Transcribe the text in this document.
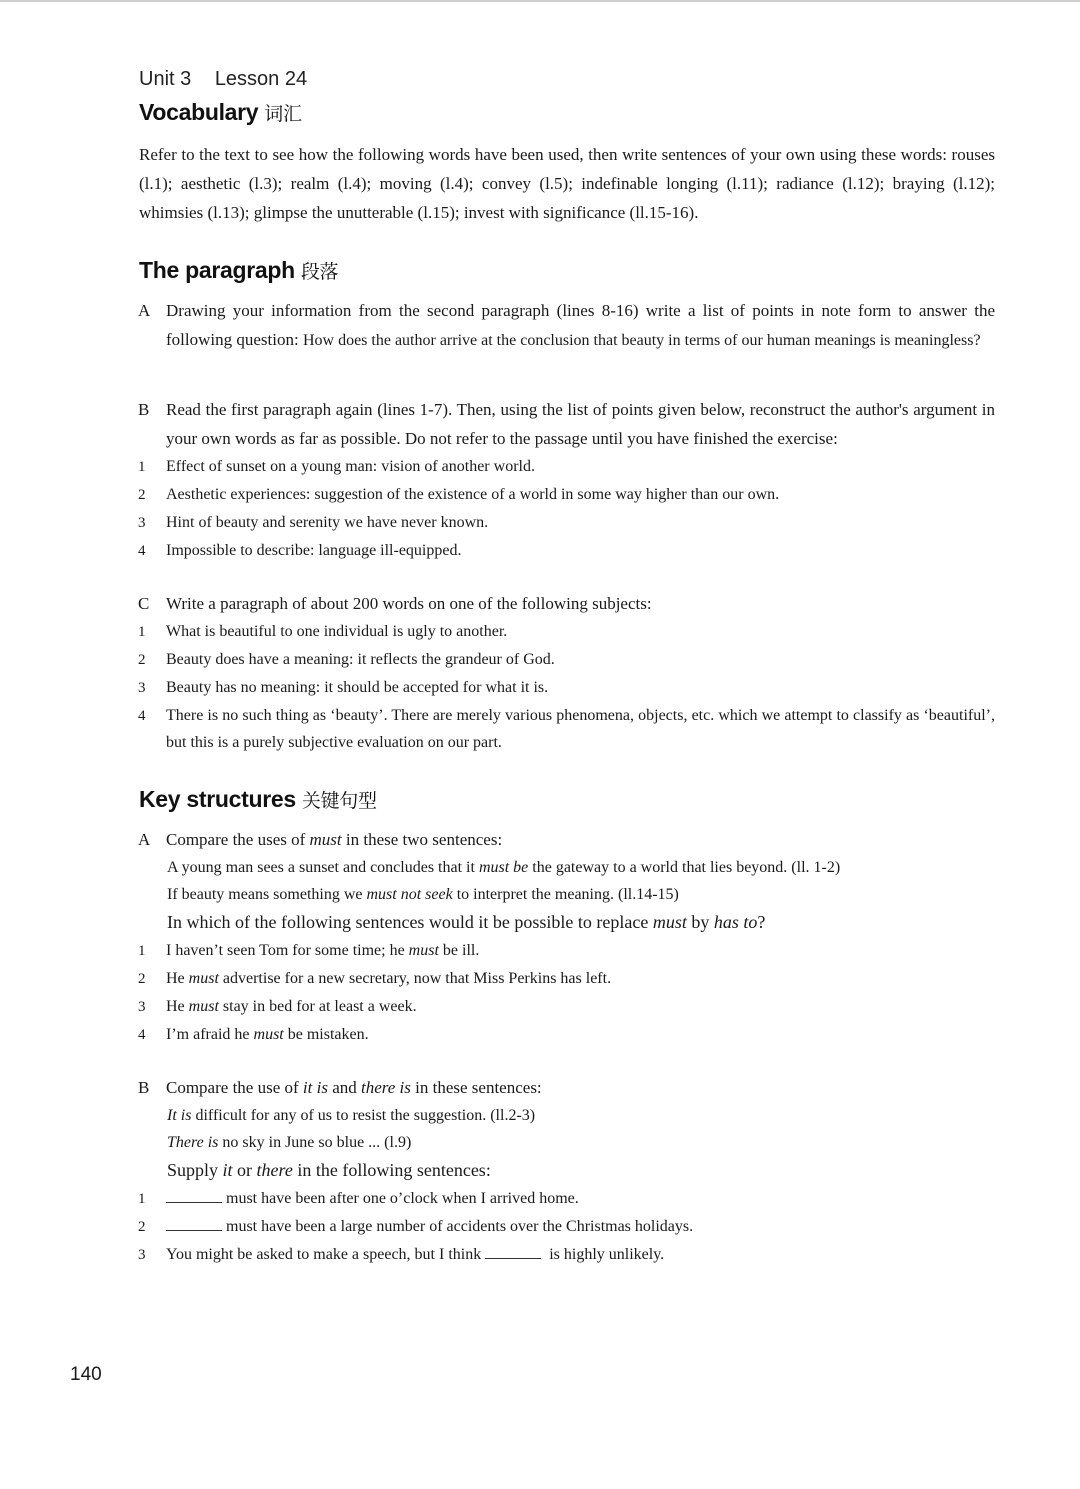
Unit 3 Lesson 24
Vocabulary 词汇
Refer to the text to see how the following words have been used, then write sentences of your own using these words: rouses (l.1); aesthetic (l.3); realm (l.4); moving (l.4); convey (l.5); indefinable longing (l.11); radiance (l.12); braying (l.12); whimsies (l.13); glimpse the unutterable (l.15); invest with significance (ll.15-16).
The paragraph 段落
A Drawing your information from the second paragraph (lines 8-16) write a list of points in note form to answer the following question: How does the author arrive at the conclusion that beauty in terms of our human meanings is meaningless?
B Read the first paragraph again (lines 1-7). Then, using the list of points given below, reconstruct the author's argument in your own words as far as possible. Do not refer to the passage until you have finished the exercise:
1	Effect of sunset on a young man: vision of another world.
2	Aesthetic experiences: suggestion of the existence of a world in some way higher than our own.
3	Hint of beauty and serenity we have never known.
4	Impossible to describe: language ill-equipped.
C Write a paragraph of about 200 words on one of the following subjects:
1	What is beautiful to one individual is ugly to another.
2	Beauty does have a meaning: it reflects the grandeur of God.
3	Beauty has no meaning: it should be accepted for what it is.
4	There is no such thing as ‘beauty’. There are merely various phenomena, objects, etc. which we attempt to classify as ‘beautiful’, but this is a purely subjective evaluation on our part.
Key structures 关键句型
A Compare the uses of must in these two sentences:
A young man sees a sunset and concludes that it must be the gateway to a world that lies beyond. (ll. 1-2)
If beauty means something we must not seek to interpret the meaning. (ll.14-15)
In which of the following sentences would it be possible to replace must by has to?
1	I haven’t seen Tom for some time; he must be ill.
2	He must advertise for a new secretary, now that Miss Perkins has left.
3	He must stay in bed for at least a week.
4	I’m afraid he must be mistaken.
B Compare the use of it is and there is in these sentences:
It is difficult for any of us to resist the suggestion. (ll.2-3)
There is no sky in June so blue ... (l.9)
Supply it or there in the following sentences:
1	must have been after one o’clock when I arrived home.
2	must have been a large number of accidents over the Christmas holidays.
3	You might be asked to make a speech, but I think	is highly unlikely.
140
